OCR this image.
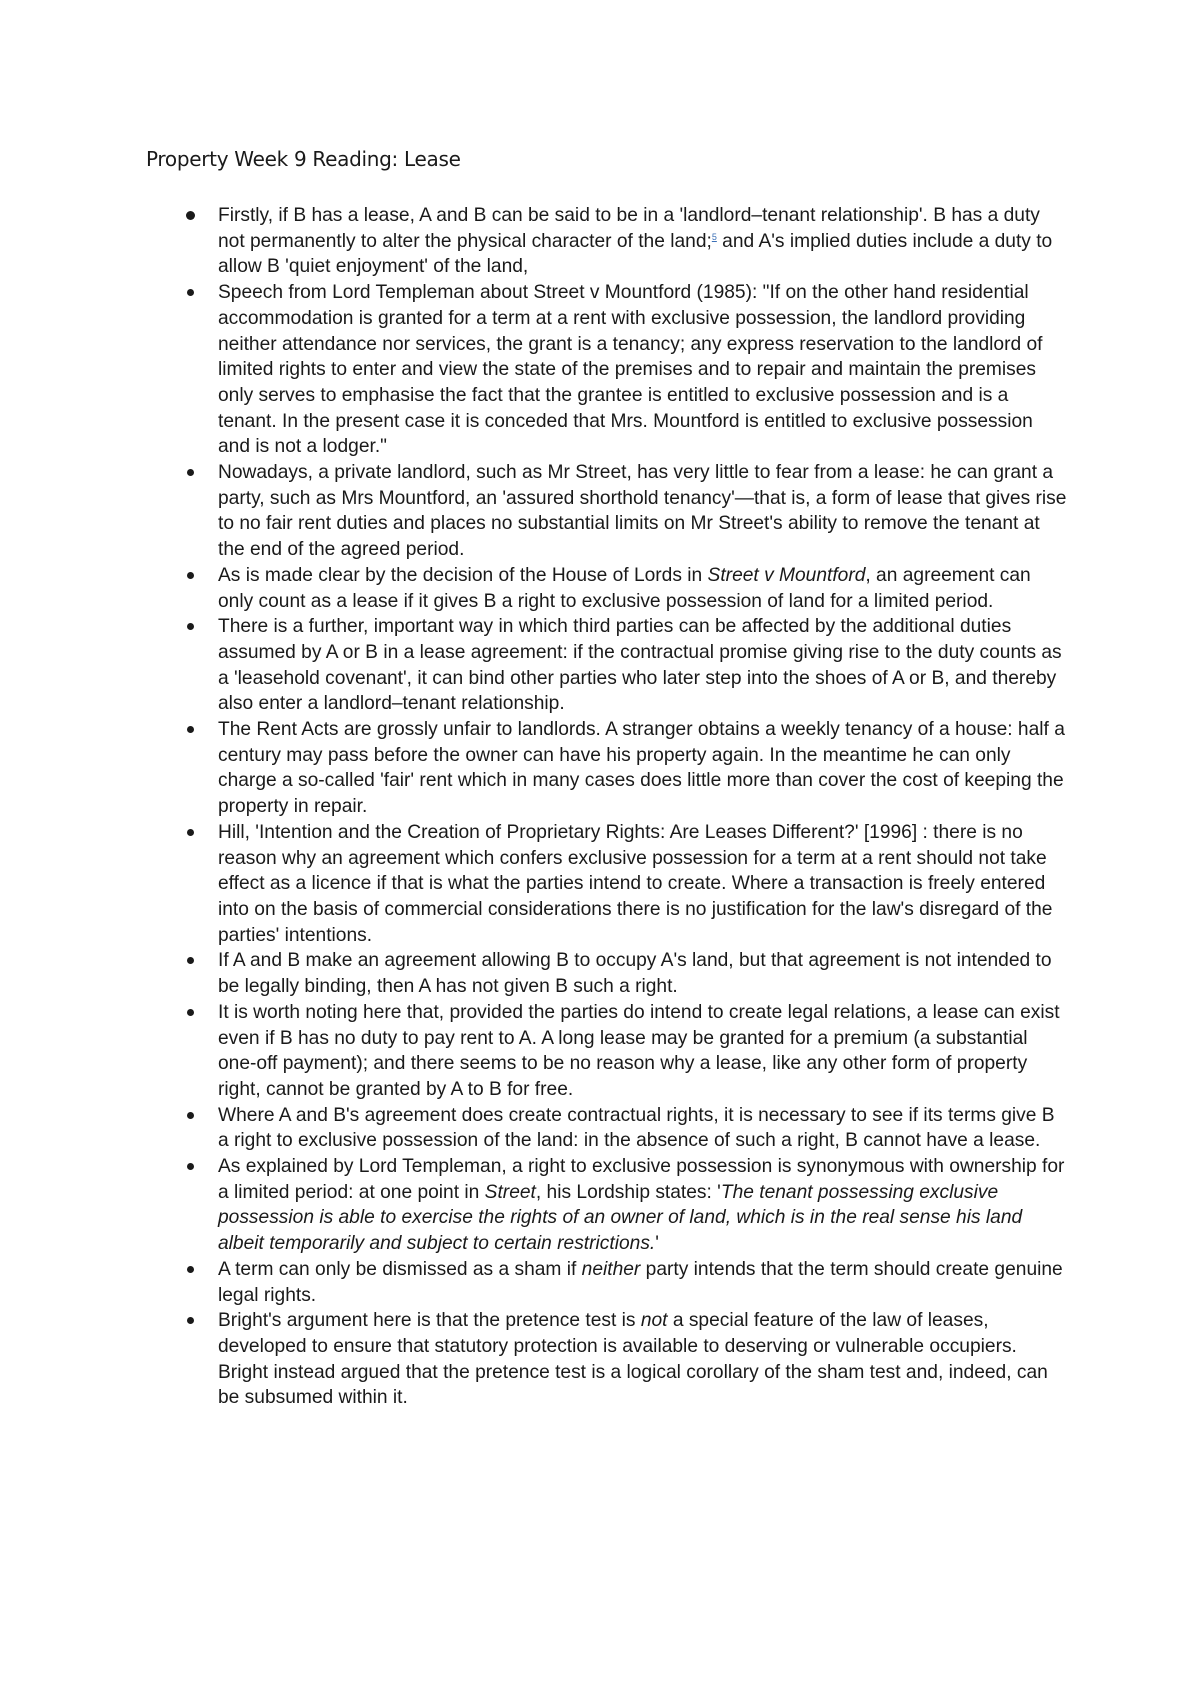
Property Week 9 Reading: Lease
Firstly, if B has a lease, A and B can be said to be in a 'landlord–tenant relationship'. B has a duty not permanently to alter the physical character of the land;$^5$ and A's implied duties include a duty to allow B 'quiet enjoyment' of the land,
Speech from Lord Templeman about Street v Mountford (1985): "If on the other hand residential accommodation is granted for a term at a rent with exclusive possession, the landlord providing neither attendance nor services, the grant is a tenancy; any express reservation to the landlord of limited rights to enter and view the state of the premises and to repair and maintain the premises only serves to emphasise the fact that the grantee is entitled to exclusive possession and is a tenant. In the present case it is conceded that Mrs. Mountford is entitled to exclusive possession and is not a lodger."
Nowadays, a private landlord, such as Mr Street, has very little to fear from a lease: he can grant a party, such as Mrs Mountford, an 'assured shorthold tenancy'—that is, a form of lease that gives rise to no fair rent duties and places no substantial limits on Mr Street's ability to remove the tenant at the end of the agreed period.
As is made clear by the decision of the House of Lords in Street v Mountford, an agreement can only count as a lease if it gives B a right to exclusive possession of land for a limited period.
There is a further, important way in which third parties can be affected by the additional duties assumed by A or B in a lease agreement: if the contractual promise giving rise to the duty counts as a 'leasehold covenant', it can bind other parties who later step into the shoes of A or B, and thereby also enter a landlord–tenant relationship.
The Rent Acts are grossly unfair to landlords. A stranger obtains a weekly tenancy of a house: half a century may pass before the owner can have his property again. In the meantime he can only charge a so-called 'fair' rent which in many cases does little more than cover the cost of keeping the property in repair.
Hill, 'Intention and the Creation of Proprietary Rights: Are Leases Different?' [1996] : there is no reason why an agreement which confers exclusive possession for a term at a rent should not take effect as a licence if that is what the parties intend to create. Where a transaction is freely entered into on the basis of commercial considerations there is no justification for the law's disregard of the parties' intentions.
If A and B make an agreement allowing B to occupy A's land, but that agreement is not intended to be legally binding, then A has not given B such a right.
It is worth noting here that, provided the parties do intend to create legal relations, a lease can exist even if B has no duty to pay rent to A. A long lease may be granted for a premium (a substantial one-off payment); and there seems to be no reason why a lease, like any other form of property right, cannot be granted by A to B for free.
Where A and B's agreement does create contractual rights, it is necessary to see if its terms give B a right to exclusive possession of the land: in the absence of such a right, B cannot have a lease.
As explained by Lord Templeman, a right to exclusive possession is synonymous with ownership for a limited period: at one point in Street, his Lordship states: 'The tenant possessing exclusive possession is able to exercise the rights of an owner of land, which is in the real sense his land albeit temporarily and subject to certain restrictions.'
A term can only be dismissed as a sham if neither party intends that the term should create genuine legal rights.
Bright's argument here is that the pretence test is not a special feature of the law of leases, developed to ensure that statutory protection is available to deserving or vulnerable occupiers. Bright instead argued that the pretence test is a logical corollary of the sham test and, indeed, can be subsumed within it.
